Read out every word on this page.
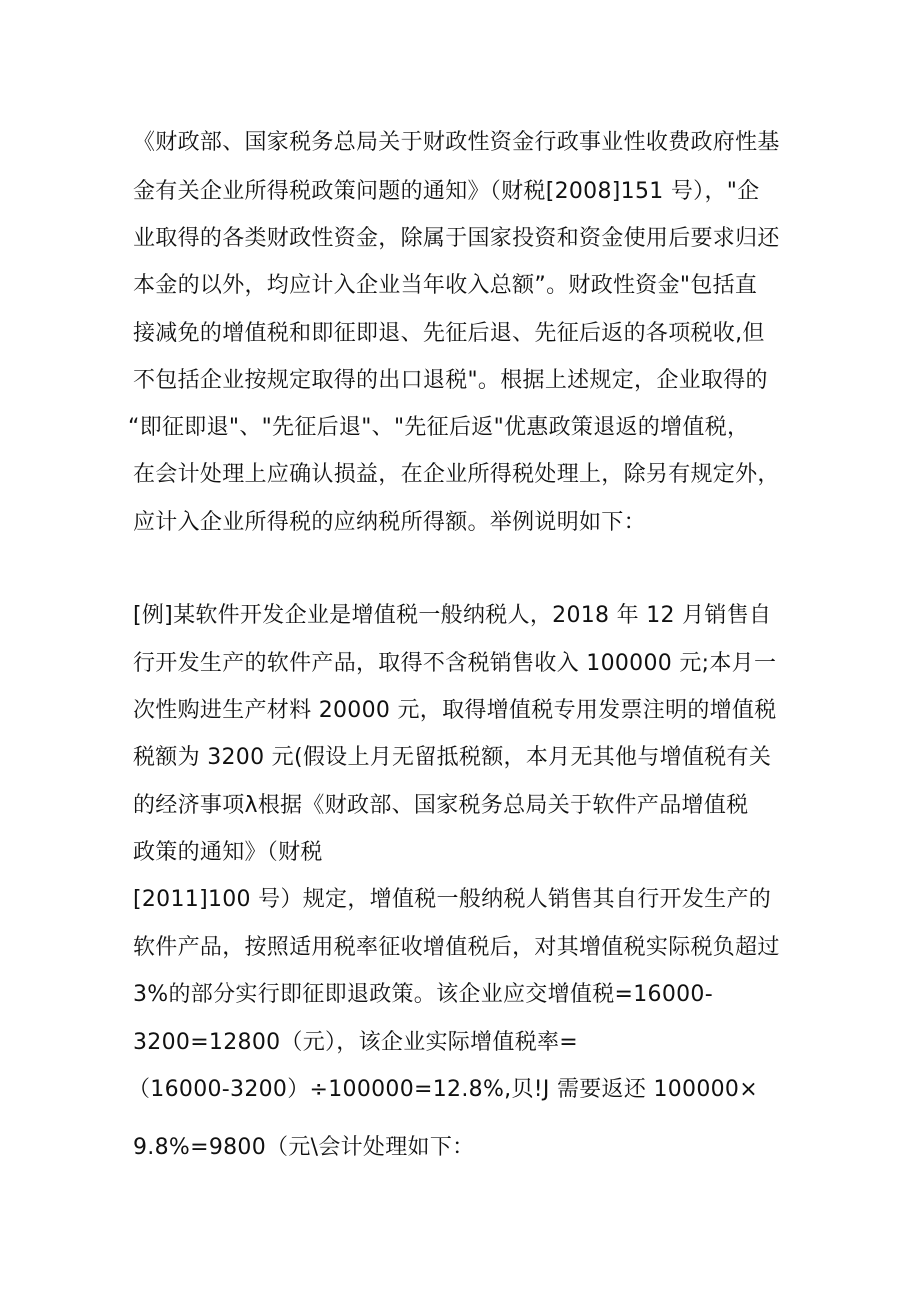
《财政部、国家税务总局关于财政性资金行政事业性收费政府性基
金有关企业所得税政策问题的通知》（财税[2008]151 号），"企
业取得的各类财政性资金，除属于国家投资和资金使用后要求归还
本金的以外，均应计入企业当年收入总额”。财政性资金"包括直
接减免的增值税和即征即退、先征后退、先征后返的各项税收,但
不包括企业按规定取得的出口退税"。根据上述规定，企业取得的
“即征即退"、"先征后退"、"先征后返"优惠政策退返的增值税，
在会计处理上应确认损益，在企业所得税处理上，除另有规定外，
应计入企业所得税的应纳税所得额。举例说明如下：
[例]某软件开发企业是增值税一般纳税人，2018 年 12 月销售自
行开发生产的软件产品，取得不含税销售收入 100000 元;本月一
次性购进生产材料 20000 元，取得增值税专用发票注明的增值税
税额为 3200 元(假设上月无留抵税额，本月无其他与增值税有关
的经济事项λ根据《财政部、国家税务总局关于软件产品增值税
政策的通知》（财税
[2011]100 号）规定，增值税一般纳税人销售其自行开发生产的
软件产品，按照适用税率征收增值税后，对其增值税实际税负超过
3%的部分实行即征即退政策。该企业应交增值税=16000-
3200=12800（元），该企业实际增值税率=
（16000-3200）÷100000=12.8%,贝!J 需要返还 100000×
9.8%=9800（元\会计处理如下：
